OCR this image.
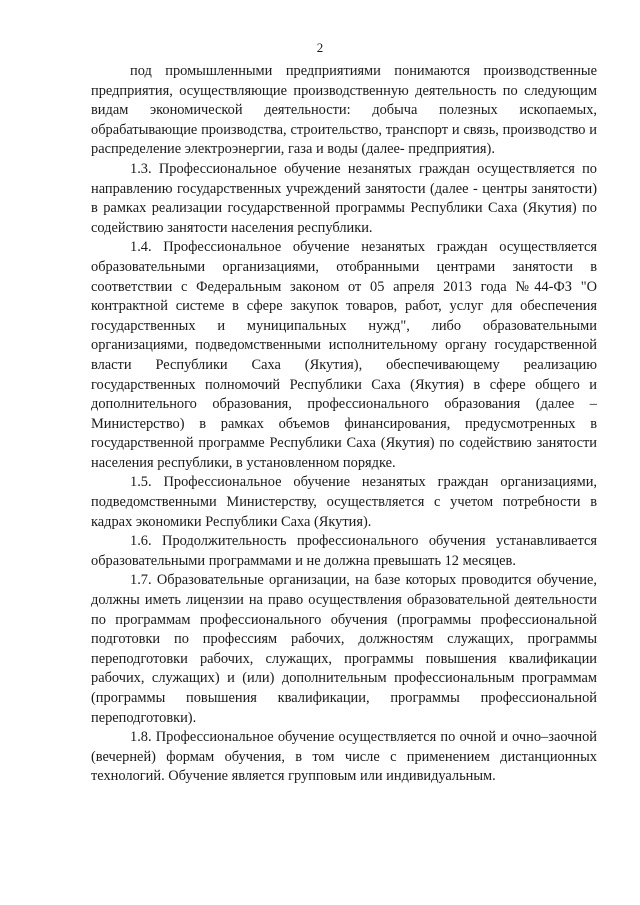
2

под промышленными предприятиями понимаются производственные предприятия, осуществляющие производственную деятельность по следующим видам экономической деятельности: добыча полезных ископаемых, обрабатывающие производства, строительство, транспорт и связь, производство и распределение электроэнергии, газа и воды (далее- предприятия).

1.3. Профессиональное обучение незанятых граждан осуществляется по направлению государственных учреждений занятости (далее - центры занятости) в рамках реализации государственной программы Республики Саха (Якутия) по содействию занятости населения республики.

1.4. Профессиональное обучение незанятых граждан осуществляется образовательными организациями, отобранными центрами занятости в соответствии с Федеральным законом от 05 апреля 2013 года №44-ФЗ "О контрактной системе в сфере закупок товаров, работ, услуг для обеспечения государственных и муниципальных нужд", либо образовательными организациями, подведомственными исполнительному органу государственной власти Республики Саха (Якутия), обеспечивающему реализацию государственных полномочий Республики Саха (Якутия) в сфере общего и дополнительного образования, профессионального образования (далее – Министерство) в рамках объемов финансирования, предусмотренных в государственной программе Республики Саха (Якутия) по содействию занятости населения республики, в установленном порядке.

1.5. Профессиональное обучение незанятых граждан организациями, подведомственными Министерству, осуществляется с учетом потребности в кадрах экономики Республики Саха (Якутия).

1.6. Продолжительность профессионального обучения устанавливается образовательными программами и не должна превышать 12 месяцев.

1.7. Образовательные организации, на базе которых проводится обучение, должны иметь лицензии на право осуществления образовательной деятельности по программам профессионального обучения (программы профессиональной подготовки по профессиям рабочих, должностям служащих, программы переподготовки рабочих, служащих, программы повышения квалификации рабочих, служащих) и (или) дополнительным профессиональным программам (программы повышения квалификации, программы профессиональной переподготовки).

1.8. Профессиональное обучение осуществляется по очной и очно–заочной (вечерней) формам обучения, в том числе с применением дистанционных технологий. Обучение является групповым или индивидуальным.
